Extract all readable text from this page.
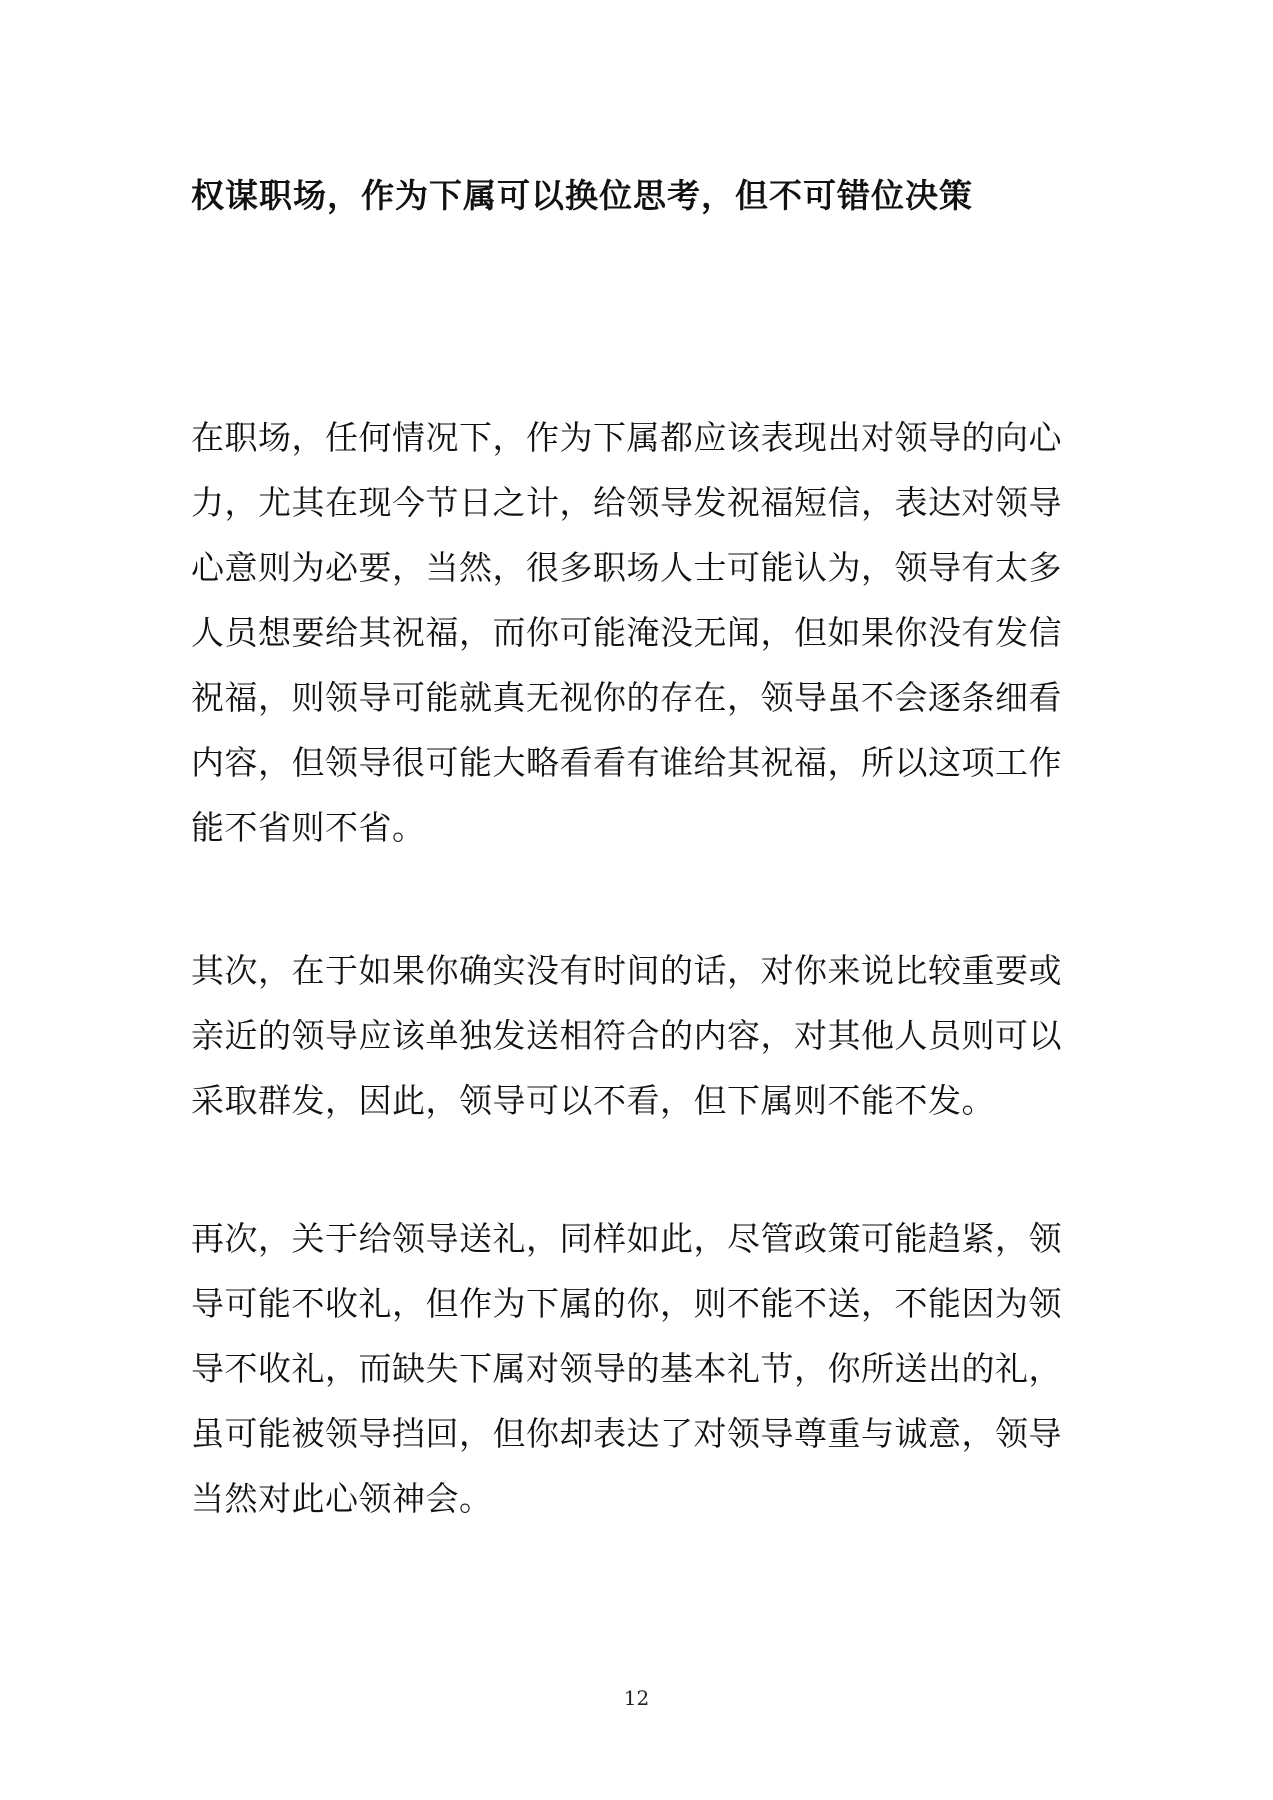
权谋职场，作为下属可以换位思考，但不可错位决策

在职场，任何情况下，作为下属都应该表现出对领导的向心
力，尤其在现今节日之计，给领导发祝福短信，表达对领导
心意则为必要，当然，很多职场人士可能认为，领导有太多
人员想要给其祝福，而你可能淹没无闻，但如果你没有发信
祝福，则领导可能就真无视你的存在，领导虽不会逐条细看
内容，但领导很可能大略看看有谁给其祝福，所以这项工作
能不省则不省。

其次，在于如果你确实没有时间的话，对你来说比较重要或
亲近的领导应该单独发送相符合的内容，对其他人员则可以
采取群发，因此，领导可以不看，但下属则不能不发。

再次，关于给领导送礼，同样如此，尽管政策可能趋紧，领
导可能不收礼，但作为下属的你，则不能不送，不能因为领
导不收礼，而缺失下属对领导的基本礼节，你所送出的礼，
虽可能被领导挡回，但你却表达了对领导尊重与诚意，领导
当然对此心领神会。

12
